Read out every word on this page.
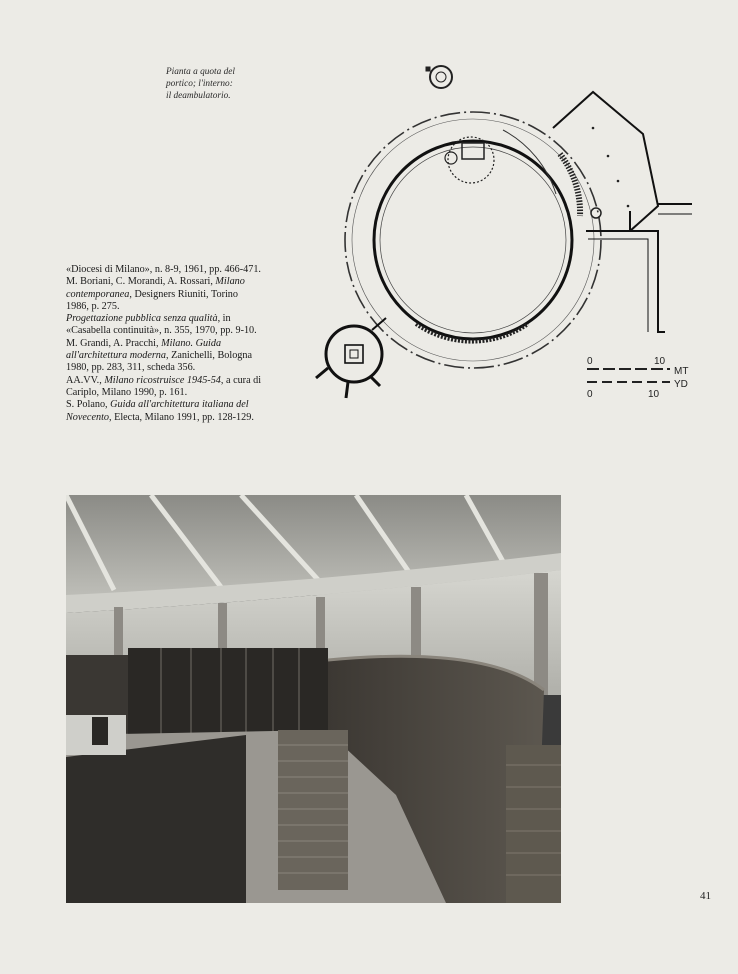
Pianta a quota del
portico; l'interno:
il deambulatorio.
0	10
MT
YD
0	10

«Diocesi di Milano», n. 8-9, 1961, pp. 466-471.

M. Boriani, C. Morandi, A. Rossari, Milano contemporanea, Designers Riuniti, Torino 1986, p. 275.

Progettazione pubblica senza qualità, in «Casabella continuità», n. 355, 1970, pp. 9-10.

M. Grandi, A. Pracchi, Milano. Guida all'architettura moderna, Zanichelli, Bologna 1980, pp. 283, 311, scheda 356.

AA.VV., Milano ricostruisce 1945-54, a cura di Cariplo, Milano 1990, p. 161.

S. Polano, Guida all'architettura italiana del Novecento, Electa, Milano 1991, pp. 128-129.

41
